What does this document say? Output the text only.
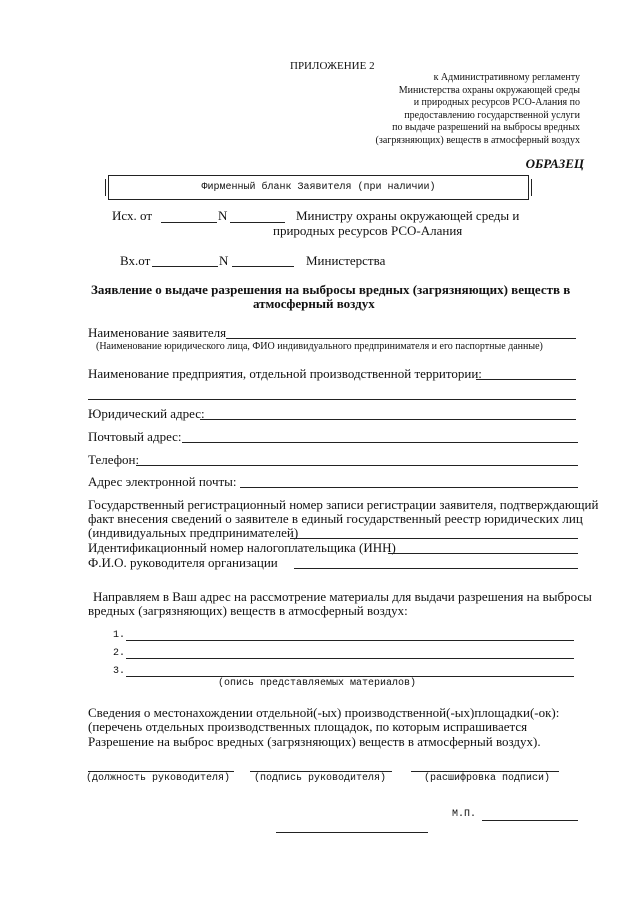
ПРИЛОЖЕНИЕ 2
к Административному регламенту
Министерства охраны окружающей среды
и природных ресурсов РСО-Алания по
предоставлению государственной услуги
по выдаче разрешений на выбросы вредных
(загрязняющих) веществ в атмосферный воздух
ОБРАЗЕЦ
Фирменный бланк Заявителя (при наличии)
Исх. от	N	Министру охраны окружающей среды и
природных ресурсов РСО-Алания
Вх.от	N	Министерства
Заявление о выдаче разрешения на выбросы вредных (загрязняющих) веществ в
атмосферный воздух
Наименование заявителя
(Наименование юридического лица, ФИО индивидуального предпринимателя и его паспортные данные)
Наименование предприятия, отдельной производственной территории:
Юридический адрес:
Почтовый адрес:
Телефон:
Адрес электронной почты:
Государственный регистрационный номер записи регистрации заявителя, подтверждающий
факт внесения сведений о заявителе в единый государственный реестр юридических лиц
(индивидуальных предпринимателей)
Идентификационный номер налогоплательщика (ИНН)
Ф.И.О. руководителя организации
Направляем в Ваш адрес на рассмотрение материалы для выдачи разрешения на выбросы
вредных (загрязняющих) веществ в атмосферный воздух:
1.
2.
3.
(опись представляемых материалов)
Сведения о местонахождении отдельной(-ых) производственной(-ых)площадки(-ок):
(перечень отдельных производственных площадок, по которым испрашивается
Разрешение на выброс вредных (загрязняющих) веществ в атмосферный воздух).
(должность руководителя) (подпись руководителя)	(расшифровка подписи)
М.П.
